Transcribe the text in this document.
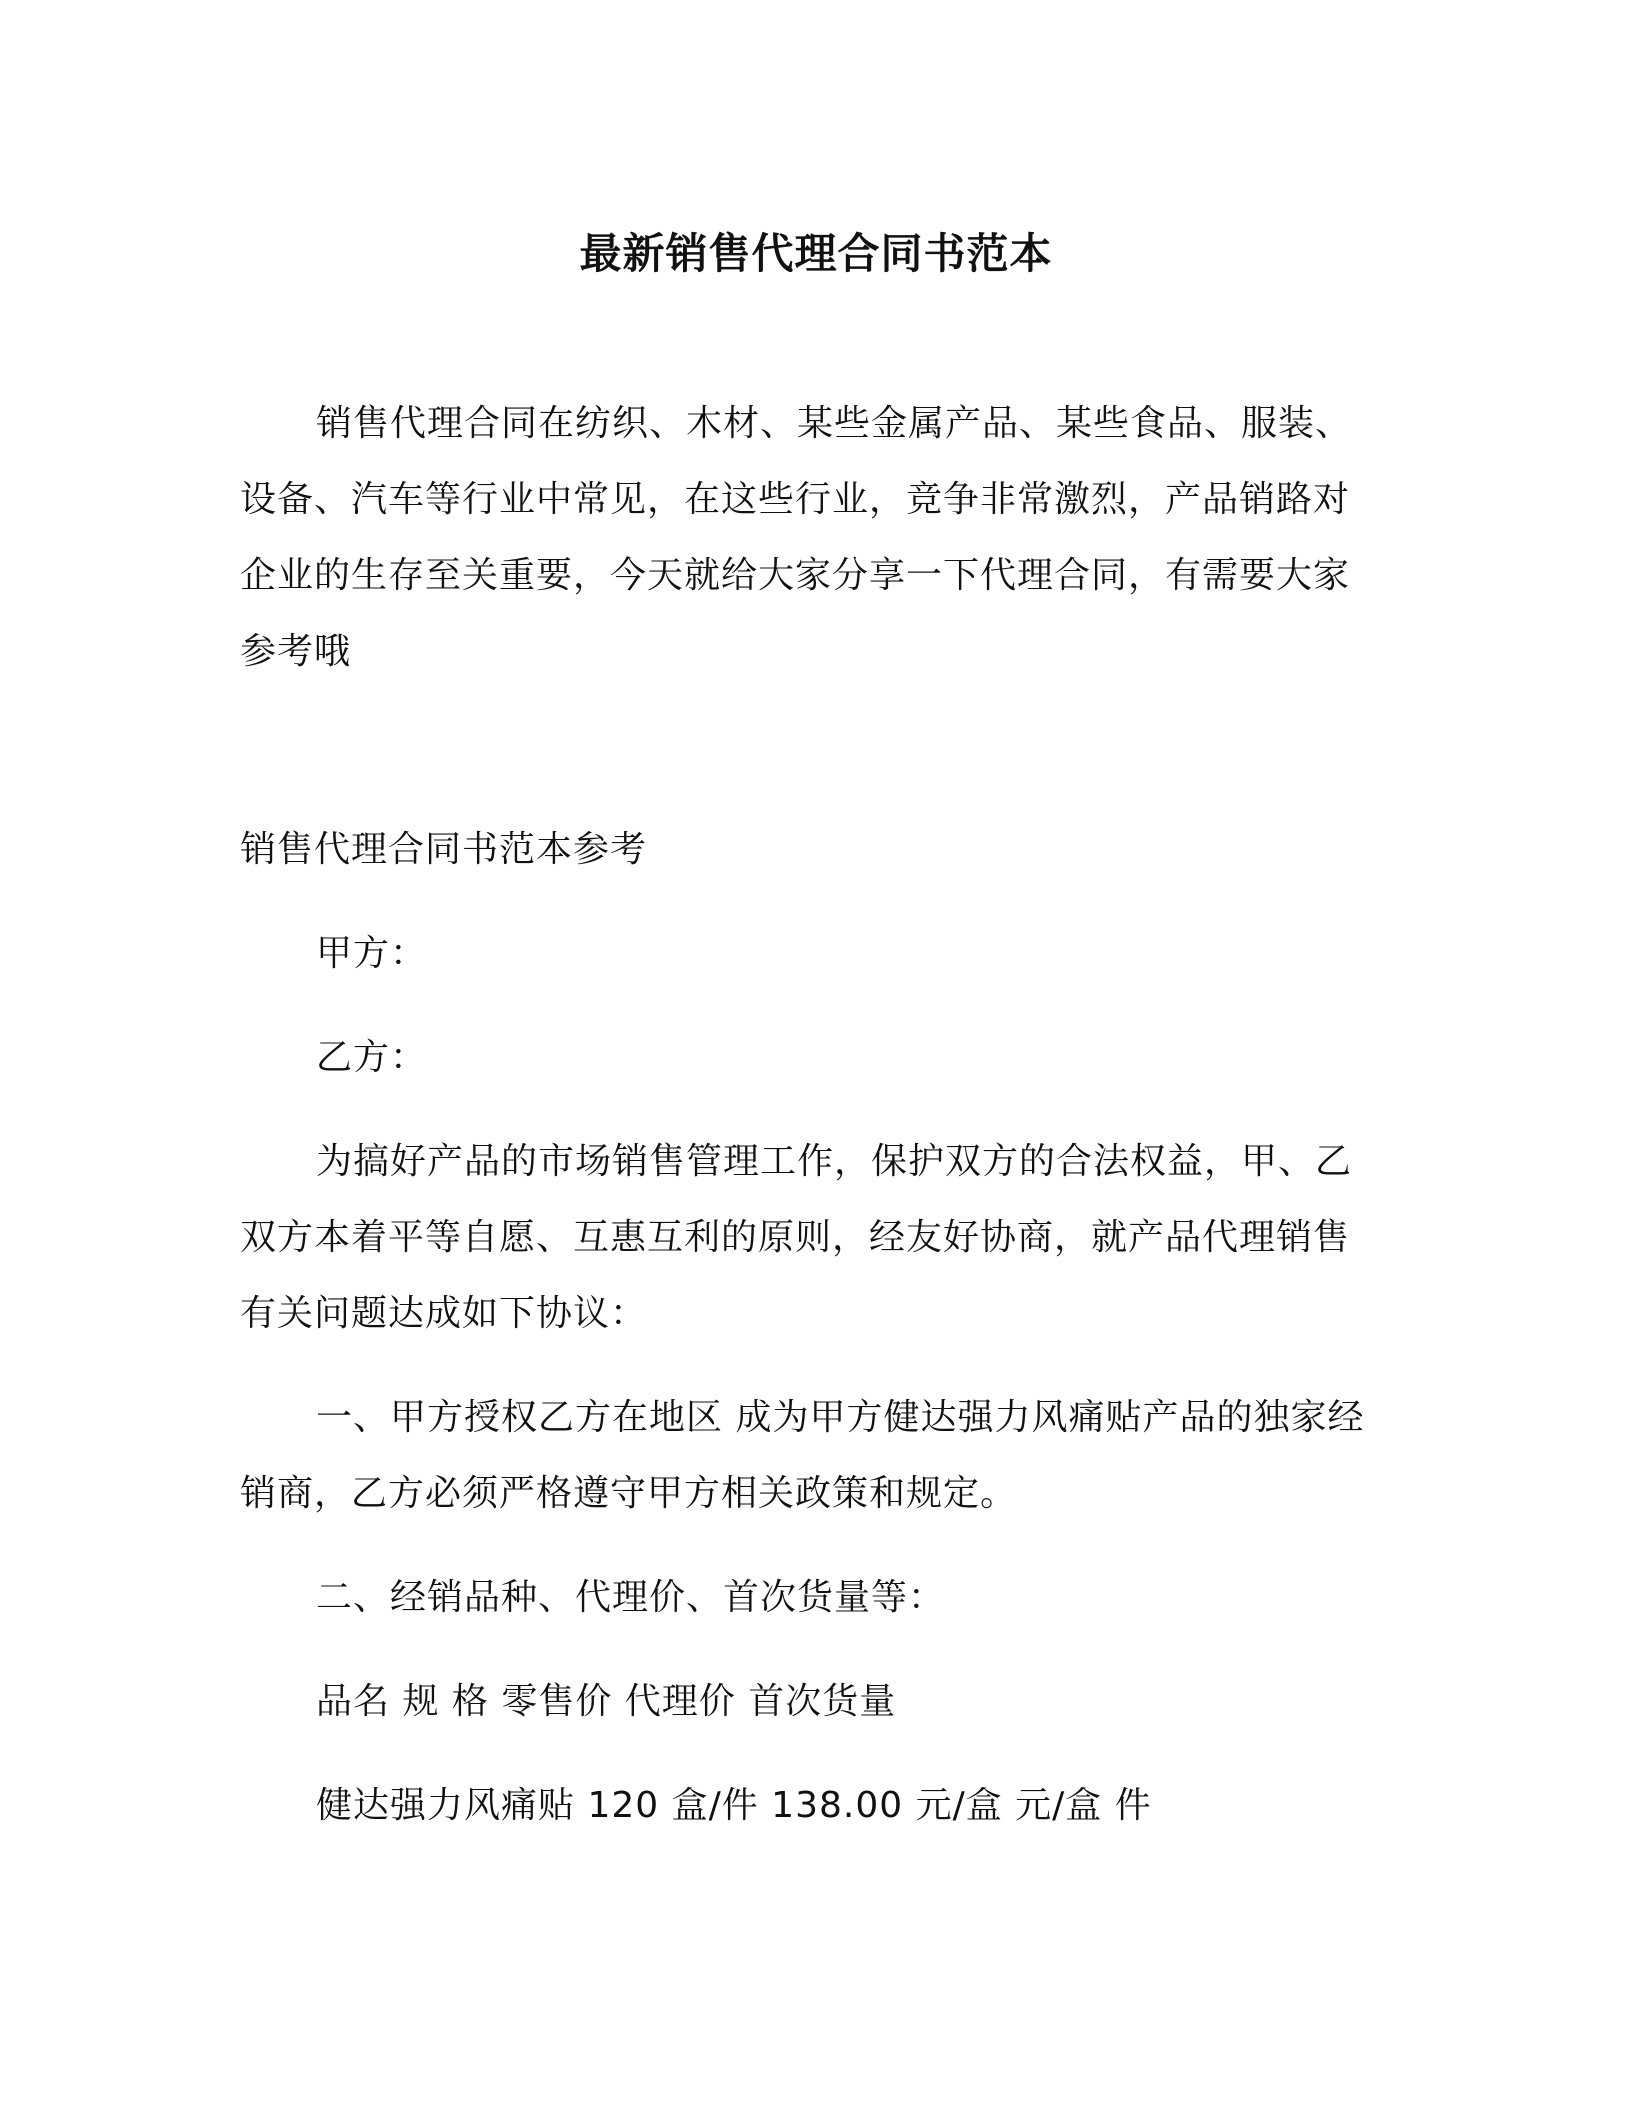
最新销售代理合同书范本

销售代理合同在纺织、木材、某些金属产品、某些食品、服装、设备、汽车等行业中常见，在这些行业，竞争非常激烈，产品销路对企业的生存至关重要，今天就给大家分享一下代理合同，有需要大家参考哦

销售代理合同书范本参考

甲方：

乙方：

为搞好产品的市场销售管理工作，保护双方的合法权益，甲、乙双方本着平等自愿、互惠互利的原则，经友好协商，就产品代理销售有关问题达成如下协议：

一、甲方授权乙方在地区 成为甲方健达强力风痛贴产品的独家经销商，乙方必须严格遵守甲方相关政策和规定。

二、经销品种、代理价、首次货量等：

品名 规 格 零售价 代理价 首次货量

健达强力风痛贴 120 盒/件 138.00 元/盒 元/盒 件
